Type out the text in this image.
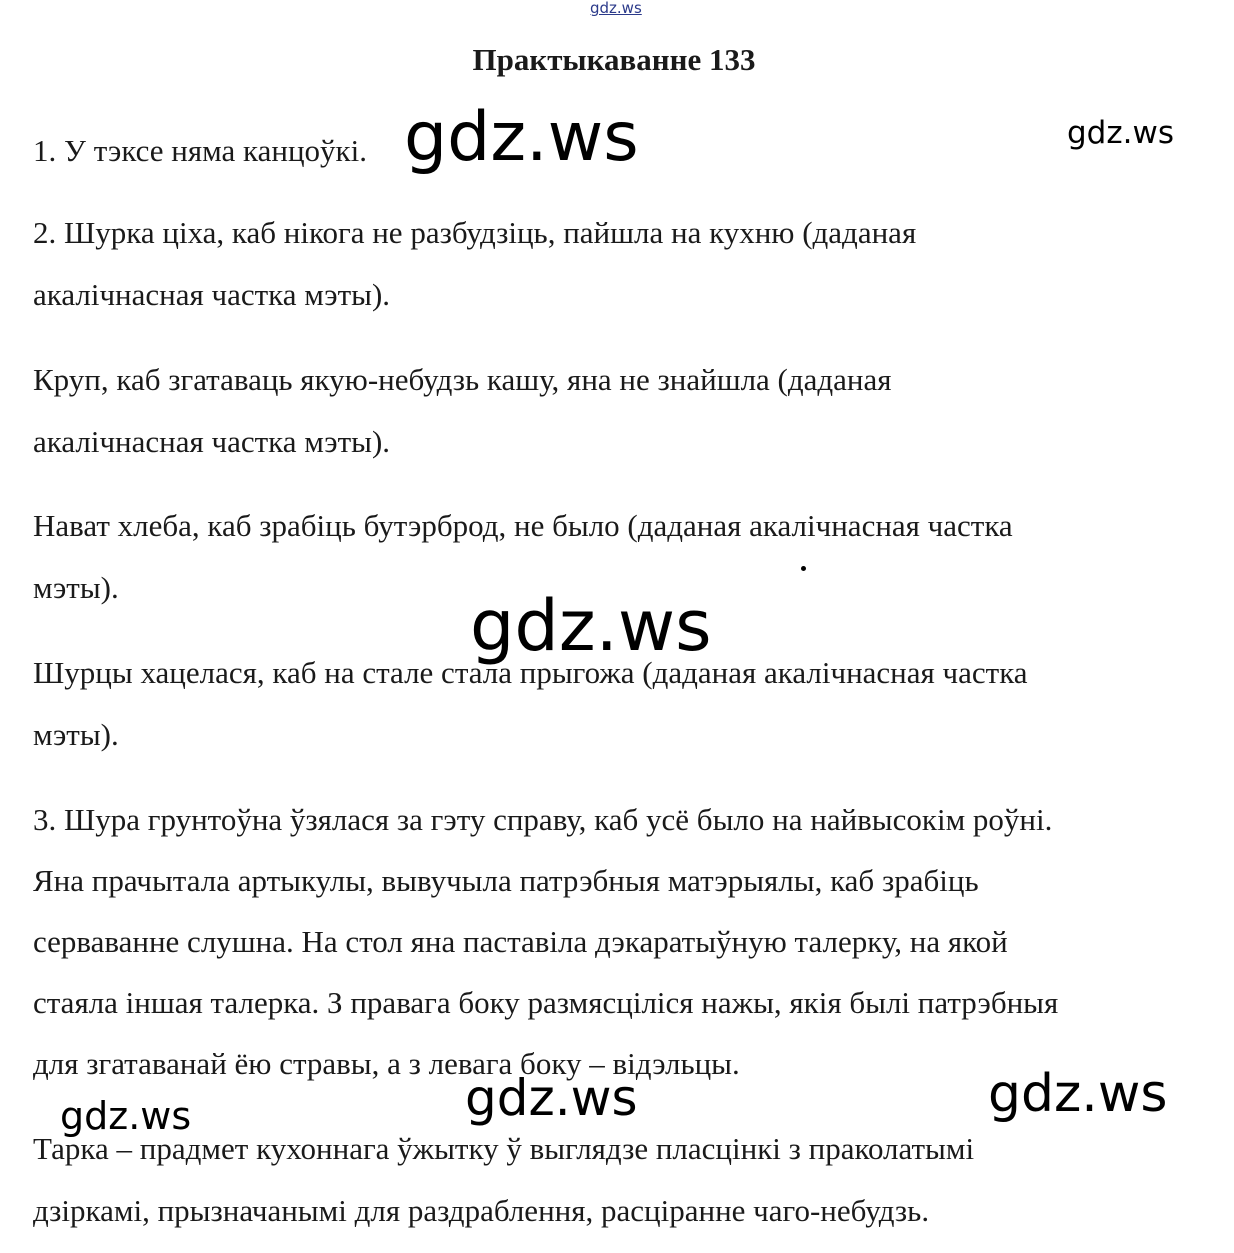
gdz.ws
Практыкаванне 133

1. У тэксе няма канцоўкі.

2. Шурка ціха, каб нікога не разбудзіць, пайшла на кухню (даданая
акалічнасная частка мэты).

Круп, каб згатаваць якую-небудзь кашу, яна не знайшла (даданая
акалічнасная частка мэты).

Нават хлеба, каб зрабіць бутэрброд, не было (даданая акалічнасная частка
мэты).

Шурцы хацелася, каб на стале стала прыгожа (даданая акалічнасная частка
мэты).

3. Шура грунтоўна ўзялася за гэту справу, каб усё было на найвысокім роўні.
Яна прачытала артыкулы, вывучыла патрэбныя матэрыялы, каб зрабіць
серваванне слушна. На стол яна паставіла дэкаратыўную талерку, на якой
стаяла іншая талерка. З правага боку размясціліся нажы, якія былі патрэбныя
для згатаванай ёю стравы, а з левага боку – відэльцы.

Тарка – прадмет кухоннага ўжытку ў выглядзе пласцінкі з праколатымі
дзіркамі, прызначанымі для раздраблення, расціранне чаго-небудзь.

gdz.ws	gdz.ws
gdz.ws
gdz.ws	gdz.ws	gdz.ws
